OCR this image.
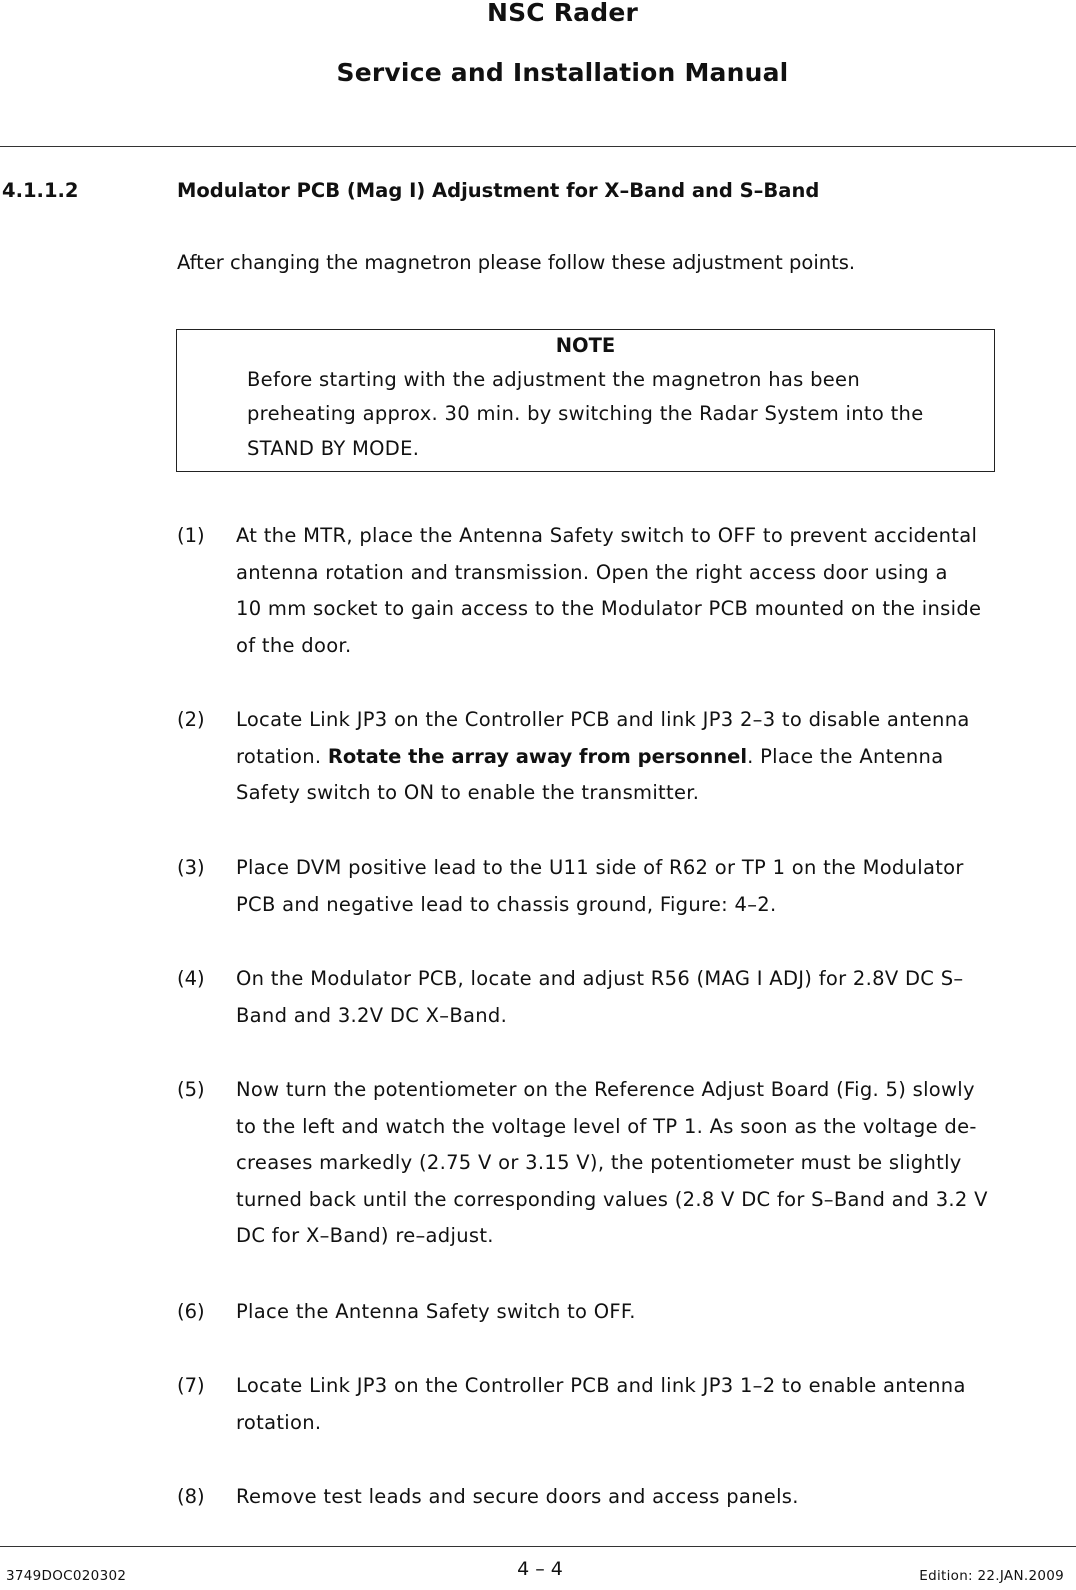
NSC Rader
Service and Installation Manual
4.1.1.2	Modulator PCB (Mag I) Adjustment for X–Band and S–Band
After changing the magnetron please follow these adjustment points.
NOTE
Before starting with the adjustment the magnetron has been
preheating approx. 30 min. by switching the Radar System into the
STAND BY MODE.
(1) At the MTR, place the Antenna Safety switch to OFF to prevent accidental
antenna rotation and transmission. Open the right access door using a
10 mm socket to gain access to the Modulator PCB mounted on the inside
of the door.
(2) Locate Link JP3 on the Controller PCB and link JP3 2–3 to disable antenna
rotation. Rotate the array away from personnel. Place the Antenna
Safety switch to ON to enable the transmitter.
(3) Place DVM positive lead to the U11 side of R62 or TP 1 on the Modulator
PCB and negative lead to chassis ground, Figure: 4–2.
(4) On the Modulator PCB, locate and adjust R56 (MAG I ADJ) for 2.8V DC S–
Band and 3.2V DC X–Band.
(5) Now turn the potentiometer on the Reference Adjust Board (Fig. 5) slowly
to the left and watch the voltage level of TP 1. As soon as the voltage de-
creases markedly (2.75 V or 3.15 V), the potentiometer must be slightly
turned back until the corresponding values (2.8 V DC for S–Band and 3.2 V
DC for X–Band) re–adjust.
(6) Place the Antenna Safety switch to OFF.
(7) Locate Link JP3 on the Controller PCB and link JP3 1–2 to enable antenna
rotation.
(8) Remove test leads and secure doors and access panels.
3749DOC020302	4 – 4	Edition: 22.JAN.2009
